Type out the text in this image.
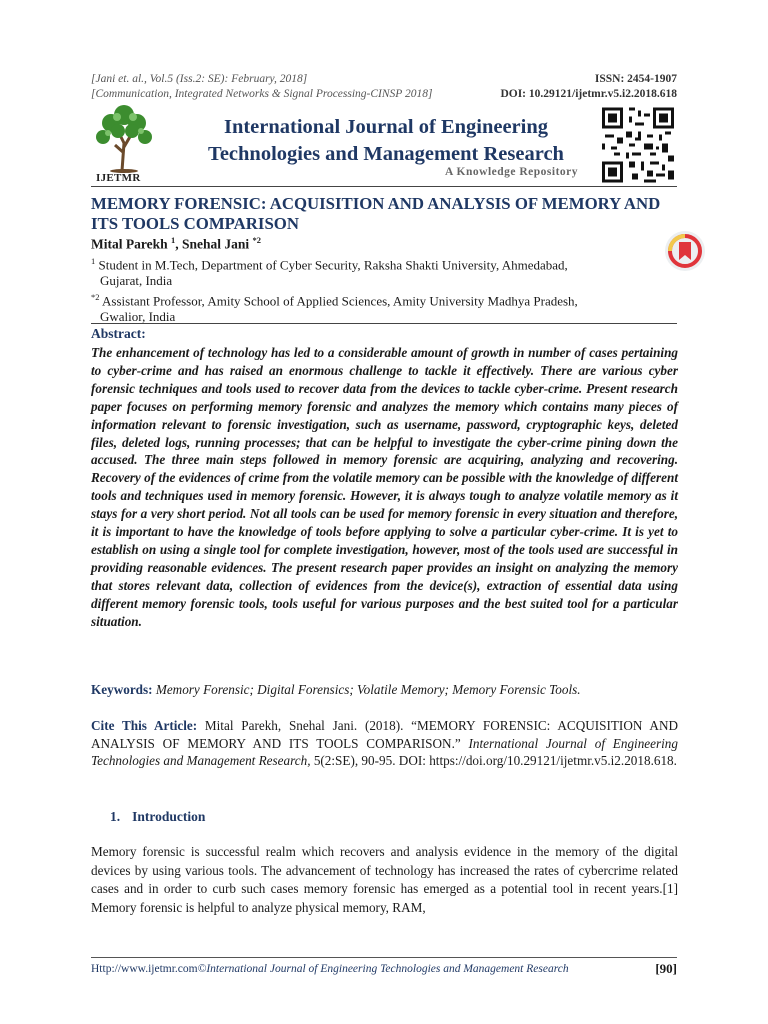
[Jani et. al., Vol.5 (Iss.2: SE): February, 2018]	ISSN: 2454-1907
[Communication, Integrated Networks & Signal Processing-CINSP 2018]	DOI: 10.29121/ijetmr.v5.i2.2018.618
IJETMR
International Journal of Engineering
Technologies and Management Research
A Knowledge Repository
MEMORY FORENSIC: ACQUISITION AND ANALYSIS OF MEMORY AND ITS TOOLS COMPARISON
Mital Parekh $^1$, Snehal Jani $^{*2}$
$^1$ Student in M.Tech, Department of Cyber Security, Raksha Shakti University, Ahmedabad,
Gujarat, India
$^{*2}$ Assistant Professor, Amity School of Applied Sciences, Amity University Madhya Pradesh,
Gwalior, India
Abstract:
The enhancement of technology has led to a considerable amount of growth in number of cases pertaining to cyber-crime and has raised an enormous challenge to tackle it effectively. There are various cyber forensic techniques and tools used to recover data from the devices to tackle cyber-crime. Present research paper focuses on performing memory forensic and analyzes the memory which contains many pieces of information relevant to forensic investigation, such as username, password, cryptographic keys, deleted files, deleted logs, running processes; that can be helpful to investigate the cyber-crime pining down the accused. The three main steps followed in memory forensic are acquiring, analyzing and recovering. Recovery of the evidences of crime from the volatile memory can be possible with the knowledge of different tools and techniques used in memory forensic. However, it is always tough to analyze volatile memory as it stays for a very short period. Not all tools can be used for memory forensic in every situation and therefore, it is important to have the knowledge of tools before applying to solve a particular cyber-crime. It is yet to establish on using a single tool for complete investigation, however, most of the tools used are successful in providing reasonable evidences. The present research paper provides an insight on analyzing the memory that stores relevant data, collection of evidences from the device(s), extraction of essential data using different memory forensic tools, tools useful for various purposes and the best suited tool for a particular situation.
Keywords: Memory Forensic; Digital Forensics; Volatile Memory; Memory Forensic Tools.
Cite This Article: Mital Parekh, Snehal Jani. (2018). “MEMORY FORENSIC: ACQUISITION AND ANALYSIS OF MEMORY AND ITS TOOLS COMPARISON.” International Journal of Engineering Technologies and Management Research, 5(2:SE), 90-95. DOI: https://doi.org/10.29121/ijetmr.v5.i2.2018.618.
1. Introduction
Memory forensic is successful realm which recovers and analysis evidence in the memory of the digital devices by using various tools. The advancement of technology has increased the rates of cybercrime related cases and in order to curb such cases memory forensic has emerged as a potential tool in recent years.[1] Memory forensic is helpful to analyze physical memory, RAM,
Http://www.ijetmr.com©International Journal of Engineering Technologies and Management Research	[90]
